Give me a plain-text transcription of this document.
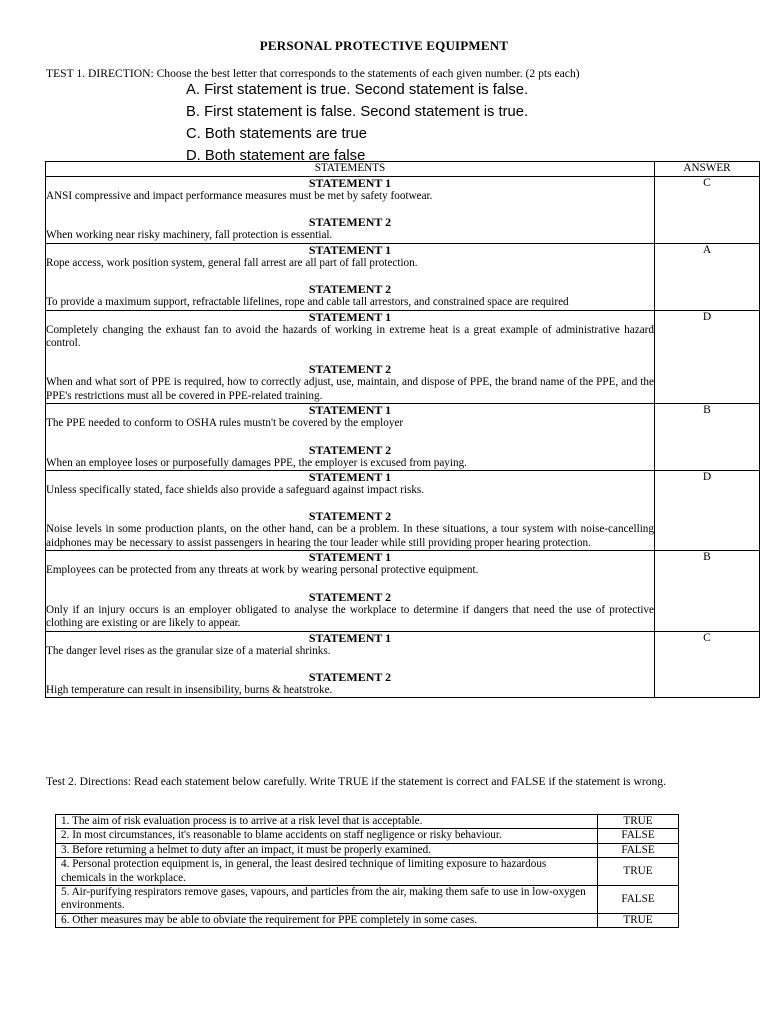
PERSONAL PROTECTIVE EQUIPMENT
TEST 1. DIRECTION: Choose the best letter that corresponds to the statements of each given number. (2 pts each)
A. First statement is true. Second statement is false.
B. First statement is false. Second statement is true.
C. Both statements are true
D. Both statement are false
STATEMENTS	ANSWER

STATEMENT 1
ANSI compressive and impact performance measures must be met by safety footwear.
STATEMENT 2
When working near risky machinery, fall protection is essential.	C

STATEMENT 1
Rope access, work position system, general fall arrest are all part of fall protection.
STATEMENT 2
To provide a maximum support, refractable lifelines, rope and cable tall arrestors, and constrained space are required	A

STATEMENT 1
Completely changing the exhaust fan to avoid the hazards of working in extreme heat is a great example of administrative hazard control.
STATEMENT 2
When and what sort of PPE is required, how to correctly adjust, use, maintain, and dispose of PPE, the brand name of the PPE, and the PPE's restrictions must all be covered in PPE-related training.	D

STATEMENT 1
The PPE needed to conform to OSHA rules mustn't be covered by the employer
STATEMENT 2
When an employee loses or purposefully damages PPE, the employer is excused from paying.	B

STATEMENT 1
Unless specifically stated, face shields also provide a safeguard against impact risks.
STATEMENT 2
Noise levels in some production plants, on the other hand, can be a problem. In these situations, a tour system with noise-cancelling aidphones may be necessary to assist passengers in hearing the tour leader while still providing proper hearing protection.	D

STATEMENT 1
Employees can be protected from any threats at work by wearing personal protective equipment.
STATEMENT 2
Only if an injury occurs is an employer obligated to analyse the workplace to determine if dangers that need the use of protective clothing are existing or are likely to appear.	B

STATEMENT 1
The danger level rises as the granular size of a material shrinks.
STATEMENT 2
High temperature can result in insensibility, burns & heatstroke.	C
Test 2. Directions: Read each statement below carefully. Write TRUE if the statement is correct and FALSE if the statement is wrong.
1. The aim of risk evaluation process is to arrive at a risk level that is acceptable.	TRUE
2. In most circumstances, it's reasonable to blame accidents on staff negligence or risky behaviour.	FALSE
3. Before returning a helmet to duty after an impact, it must be properly examined.	FALSE
4. Personal protection equipment is, in general, the least desired technique of limiting exposure to hazardous chemicals in the workplace.	TRUE
5. Air-purifying respirators remove gases, vapours, and particles from the air, making them safe to use in low-oxygen environments.	FALSE
6. Other measures may be able to obviate the requirement for PPE completely in some cases.	TRUE
